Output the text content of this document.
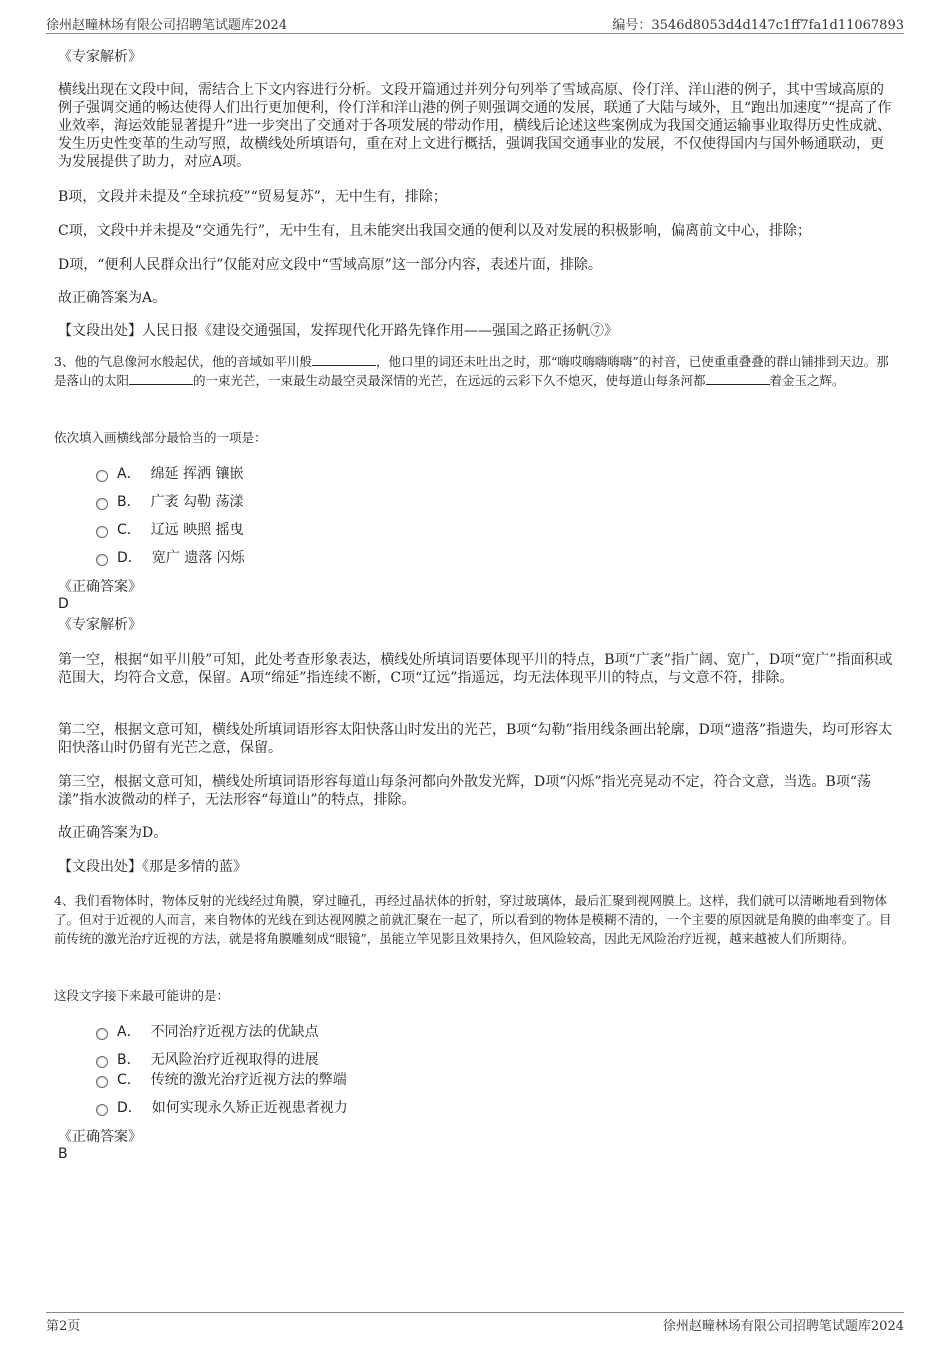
徐州赵疃林场有限公司招聘笔试题库2024	编号：3546d8053d4d147c1ff7fa1d11067893
《专家解析》
横线出现在文段中间，需结合上下文内容进行分析。文段开篇通过并列分句列举了雪域高原、伶仃洋、洋山港的例子，其中雪域高原的例子强调交通的畅达使得人们出行更加便利，伶仃洋和洋山港的例子则强调交通的发展，联通了大陆与域外，且“跑出加速度”“提高了作业效率，海运效能显著提升”进一步突出了交通对于各项发展的带动作用，横线后论述这些案例成为我国交通运输事业取得历史性成就、发生历史性变革的生动写照，故横线处所填语句，重在对上文进行概括，强调我国交通事业的发展，不仅使得国内与国外畅通联动，更为发展提供了助力，对应A项。
B项，文段并未提及“全球抗疫”“贸易复苏”，无中生有，排除；
C项，文段中并未提及“交通先行”，无中生有，且未能突出我国交通的便利以及对发展的积极影响，偏离前文中心，排除；
D项，“便利人民群众出行”仅能对应文段中“雪域高原”这一部分内容，表述片面，排除。
故正确答案为A。
【文段出处】人民日报《建设交通强国，发挥现代化开路先锋作用——强国之路正扬帆⑦》
3、他的气息像河水般起伏，他的音域如平川般	，他口里的词还未吐出之时，那“嗨哎嗨嗨嗨嗨”的衬音，已使重重叠叠的群山铺排到天边。那是落山的太阳	的一束光芒，一束最生动最空灵最深情的光芒，在远远的云彩下久不熄灭，使每道山每条河都	着金玉之辉。
依次填入画横线部分最恰当的一项是：
A． 绵延 挥洒 镶嵌
B． 广袤 勾勒 荡漾
C． 辽远 映照 摇曳
D． 宽广 遗落 闪烁
《正确答案》
D
《专家解析》
第一空，根据“如平川般”可知，此处考查形象表达，横线处所填词语要体现平川的特点，B项“广袤”指广阔、宽广，D项“宽广”指面积或范围大，均符合文意，保留。A项“绵延”指连续不断，C项“辽远”指遥远，均无法体现平川的特点，与文意不符，排除。
第二空，根据文意可知，横线处所填词语形容太阳快落山时发出的光芒，B项“勾勒”指用线条画出轮廓，D项“遗落”指遗失，均可形容太阳快落山时仍留有光芒之意，保留。
第三空，根据文意可知，横线处所填词语形容每道山每条河都向外散发光辉，D项“闪烁”指光亮晃动不定，符合文意，当选。B项“荡漾”指水波微动的样子，无法形容“每道山”的特点，排除。
故正确答案为D。
【文段出处】《那是多情的蓝》
4、我们看物体时，物体反射的光线经过角膜，穿过瞳孔，再经过晶状体的折射，穿过玻璃体，最后汇聚到视网膜上。这样，我们就可以清晰地看到物体了。但对于近视的人而言，来自物体的光线在到达视网膜之前就汇聚在一起了，所以看到的物体是模糊不清的，一个主要的原因就是角膜的曲率变了。目前传统的激光治疗近视的方法，就是将角膜雕刻成“眼镜”，虽能立竿见影且效果持久，但风险较高，因此无风险治疗近视，越来越被人们所期待。
这段文字接下来最可能讲的是：
A． 不同治疗近视方法的优缺点
B． 无风险治疗近视取得的进展
C． 传统的激光治疗近视方法的弊端
D． 如何实现永久矫正近视患者视力
《正确答案》
B
第2页	徐州赵疃林场有限公司招聘笔试题库2024
